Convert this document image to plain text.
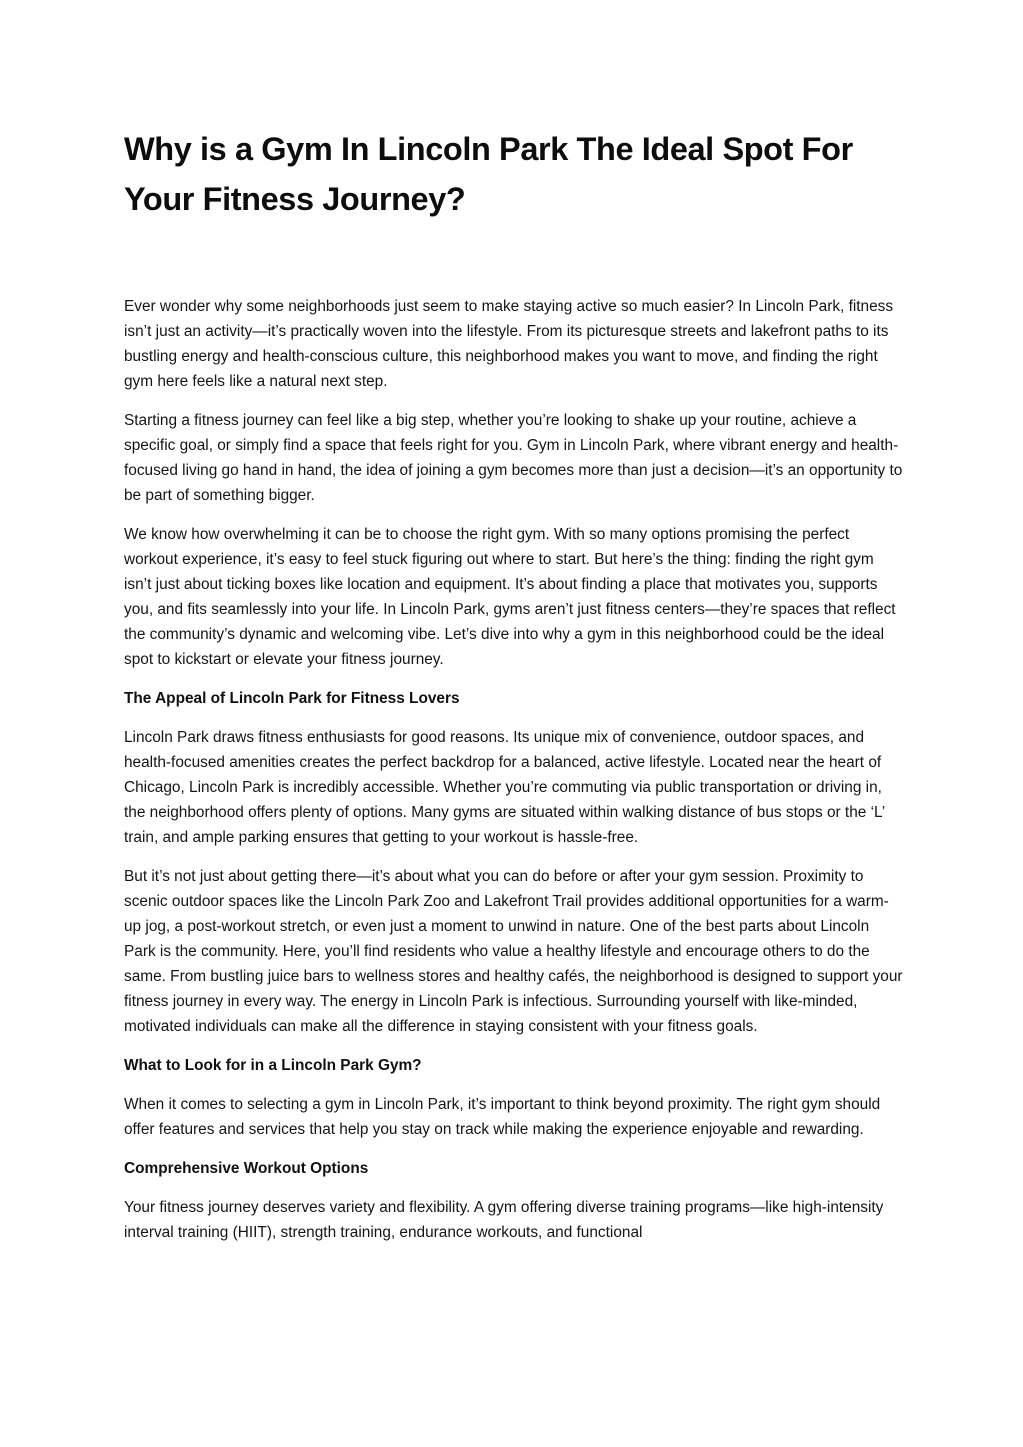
Why is a Gym In Lincoln Park The Ideal Spot For Your Fitness Journey?

Ever wonder why some neighborhoods just seem to make staying active so much easier? In Lincoln Park, fitness isn’t just an activity—it’s practically woven into the lifestyle. From its picturesque streets and lakefront paths to its bustling energy and health-conscious culture, this neighborhood makes you want to move, and finding the right gym here feels like a natural next step.

Starting a fitness journey can feel like a big step, whether you’re looking to shake up your routine, achieve a specific goal, or simply find a space that feels right for you. Gym in Lincoln Park, where vibrant energy and health-focused living go hand in hand, the idea of joining a gym becomes more than just a decision—it’s an opportunity to be part of something bigger.

We know how overwhelming it can be to choose the right gym. With so many options promising the perfect workout experience, it’s easy to feel stuck figuring out where to start. But here’s the thing: finding the right gym isn’t just about ticking boxes like location and equipment. It’s about finding a place that motivates you, supports you, and fits seamlessly into your life. In Lincoln Park, gyms aren’t just fitness centers—they’re spaces that reflect the community’s dynamic and welcoming vibe. Let’s dive into why a gym in this neighborhood could be the ideal spot to kickstart or elevate your fitness journey.

The Appeal of Lincoln Park for Fitness Lovers

Lincoln Park draws fitness enthusiasts for good reasons. Its unique mix of convenience, outdoor spaces, and health-focused amenities creates the perfect backdrop for a balanced, active lifestyle. Located near the heart of Chicago, Lincoln Park is incredibly accessible. Whether you’re commuting via public transportation or driving in, the neighborhood offers plenty of options. Many gyms are situated within walking distance of bus stops or the ‘L’ train, and ample parking ensures that getting to your workout is hassle-free.

But it’s not just about getting there—it’s about what you can do before or after your gym session. Proximity to scenic outdoor spaces like the Lincoln Park Zoo and Lakefront Trail provides additional opportunities for a warm-up jog, a post-workout stretch, or even just a moment to unwind in nature. One of the best parts about Lincoln Park is the community. Here, you’ll find residents who value a healthy lifestyle and encourage others to do the same. From bustling juice bars to wellness stores and healthy cafés, the neighborhood is designed to support your fitness journey in every way. The energy in Lincoln Park is infectious. Surrounding yourself with like-minded, motivated individuals can make all the difference in staying consistent with your fitness goals.

What to Look for in a Lincoln Park Gym?

When it comes to selecting a gym in Lincoln Park, it’s important to think beyond proximity. The right gym should offer features and services that help you stay on track while making the experience enjoyable and rewarding.

Comprehensive Workout Options

Your fitness journey deserves variety and flexibility. A gym offering diverse training programs—like high-intensity interval training (HIIT), strength training, endurance workouts, and functional
